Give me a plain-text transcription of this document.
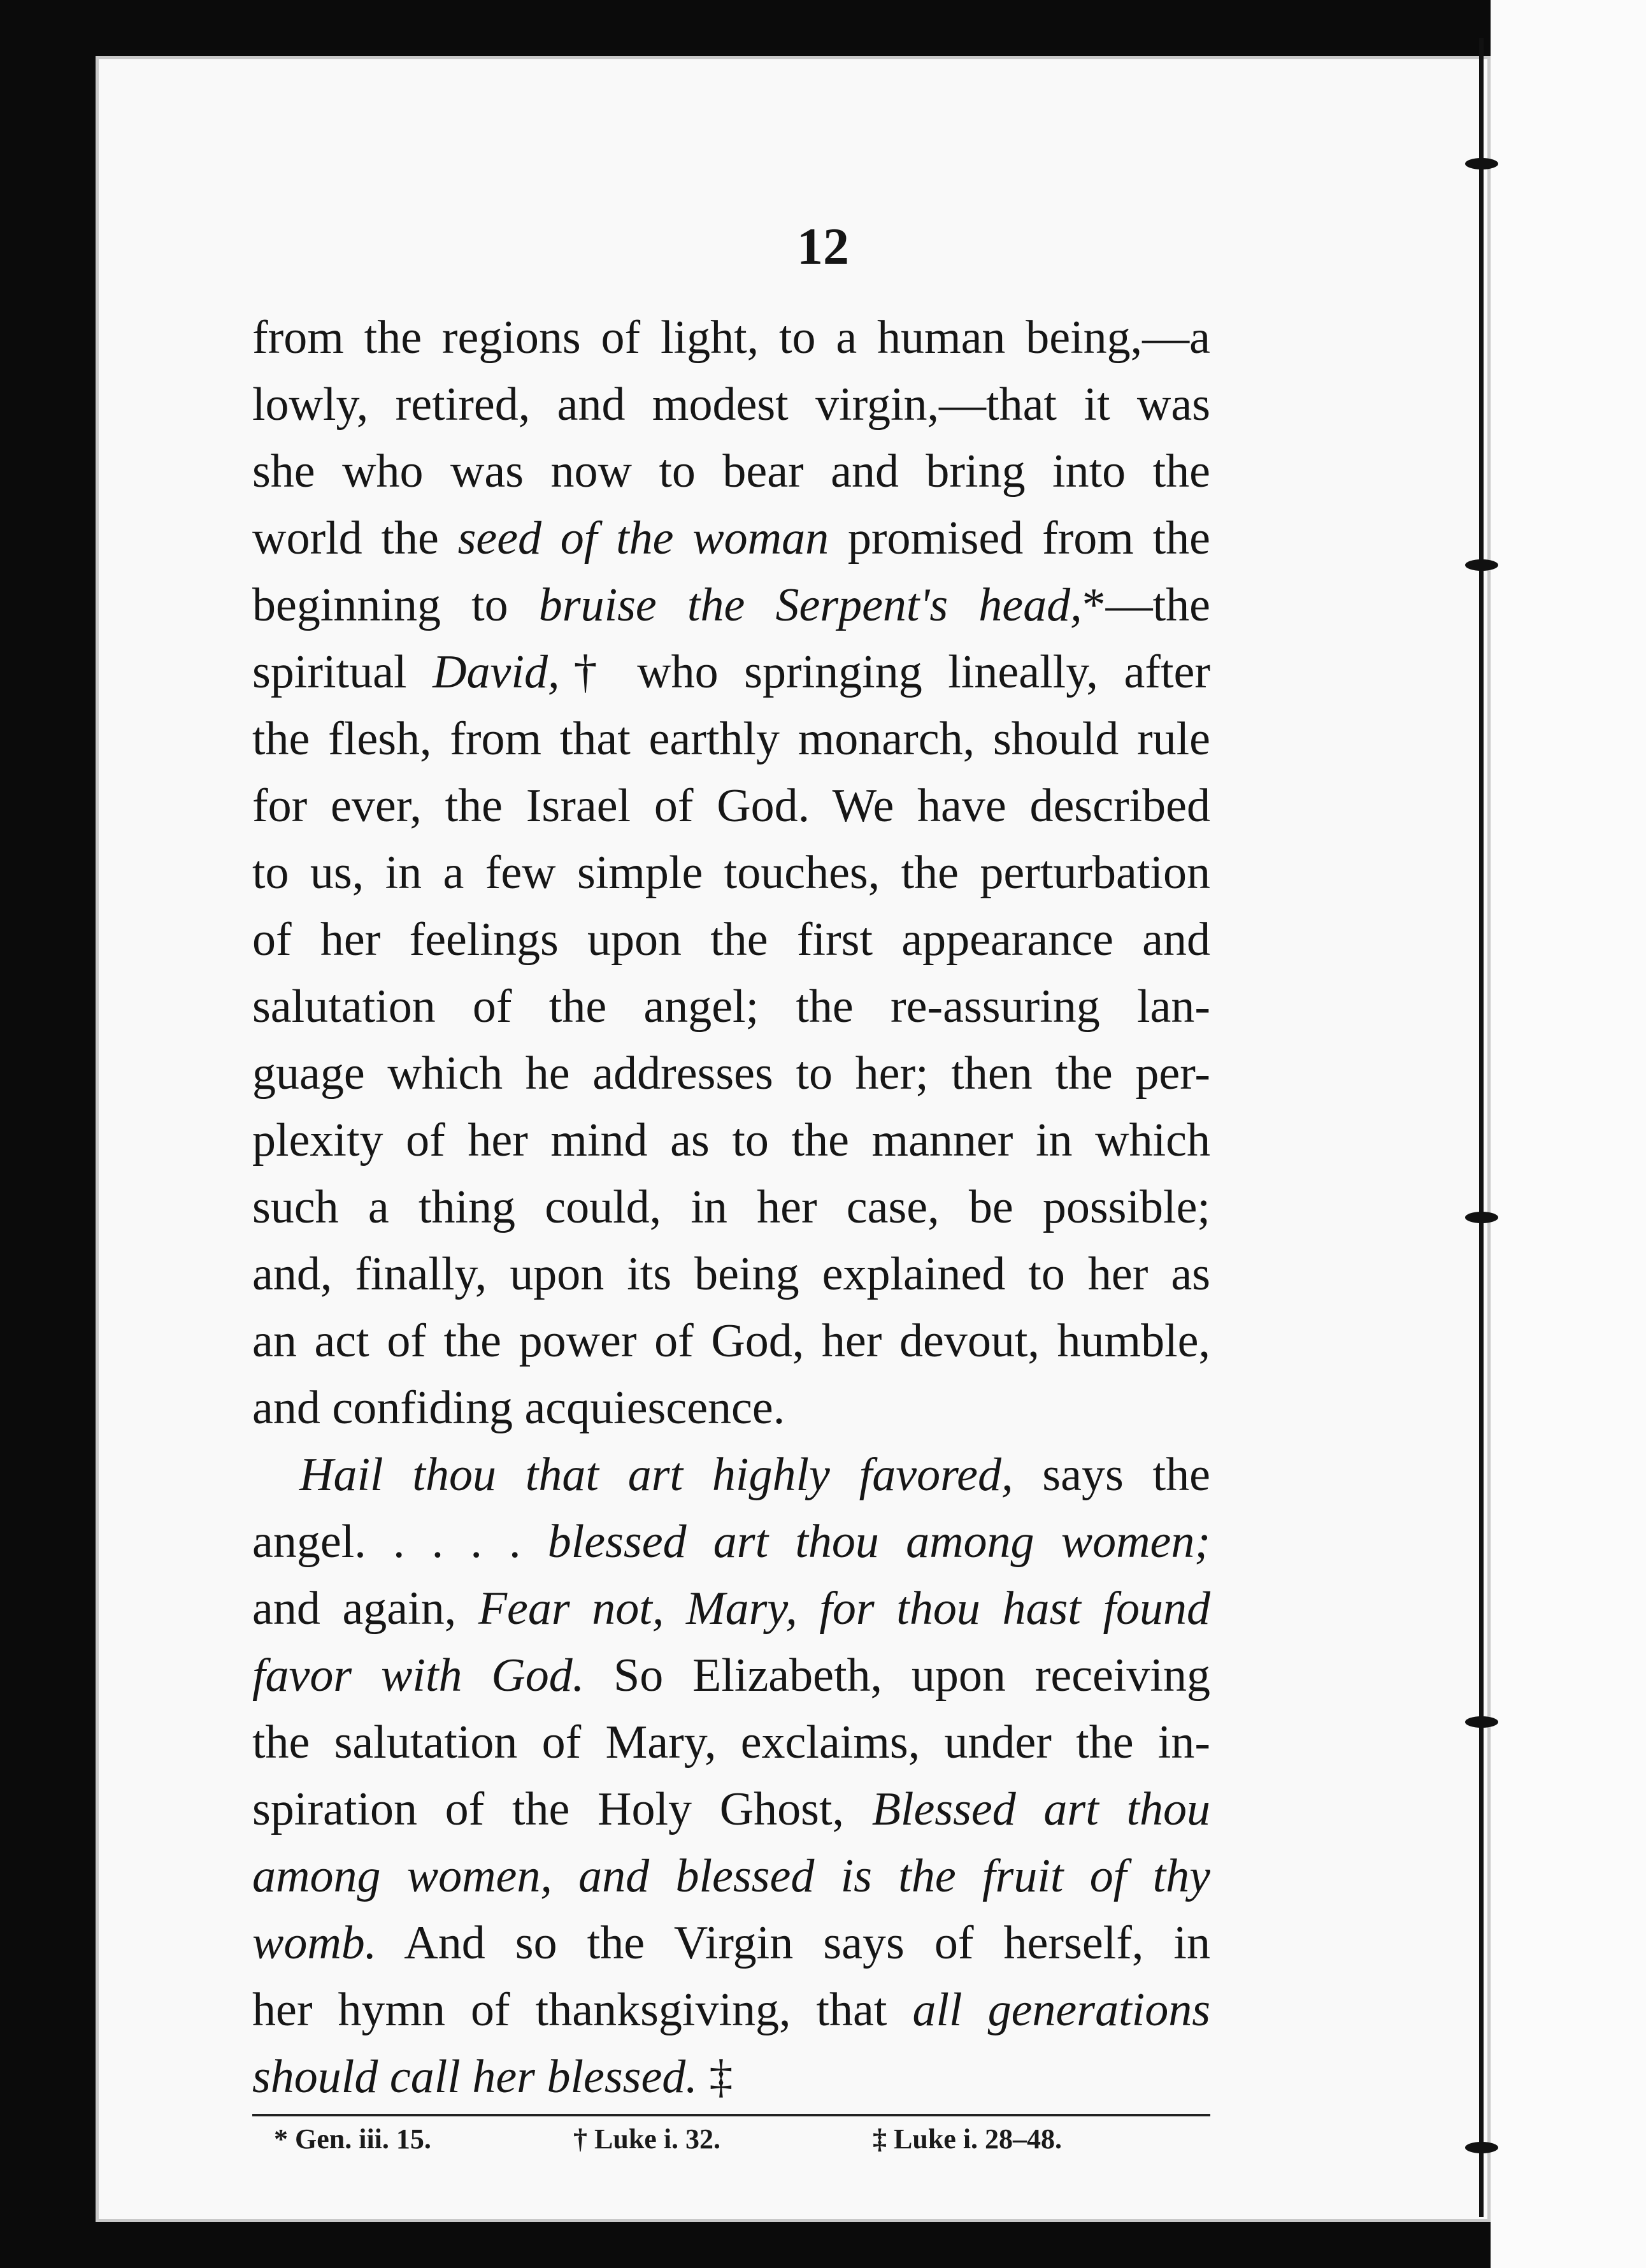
12
from the regions of light, to a human being,—a
lowly, retired, and modest virgin,—that it was
she who was now to bear and bring into the
world the seed of the woman promised from the
beginning to bruise the Serpent's head,*—the
spiritual David,† who springing lineally, after
the flesh, from that earthly monarch, should rule
for ever, the Israel of God. We have described
to us, in a few simple touches, the perturbation
of her feelings upon the first appearance and
salutation of the angel; the re-assuring lan-
guage which he addresses to her; then the per-
plexity of her mind as to the manner in which
such a thing could, in her case, be possible;
and, finally, upon its being explained to her as
an act of the power of God, her devout, humble,
and confiding acquiescence.
Hail thou that art highly favored, says the
angel. . . . . blessed art thou among women;
and again, Fear not, Mary, for thou hast found
favor with God. So Elizabeth, upon receiving
the salutation of Mary, exclaims, under the in-
spiration of the Holy Ghost, Blessed art thou
among women, and blessed is the fruit of thy
womb. And so the Virgin says of herself, in
her hymn of thanksgiving, that all generations
should call her blessed. ‡
* Gen. iii. 15.	† Luke i. 32.	‡ Luke i. 28–48.
